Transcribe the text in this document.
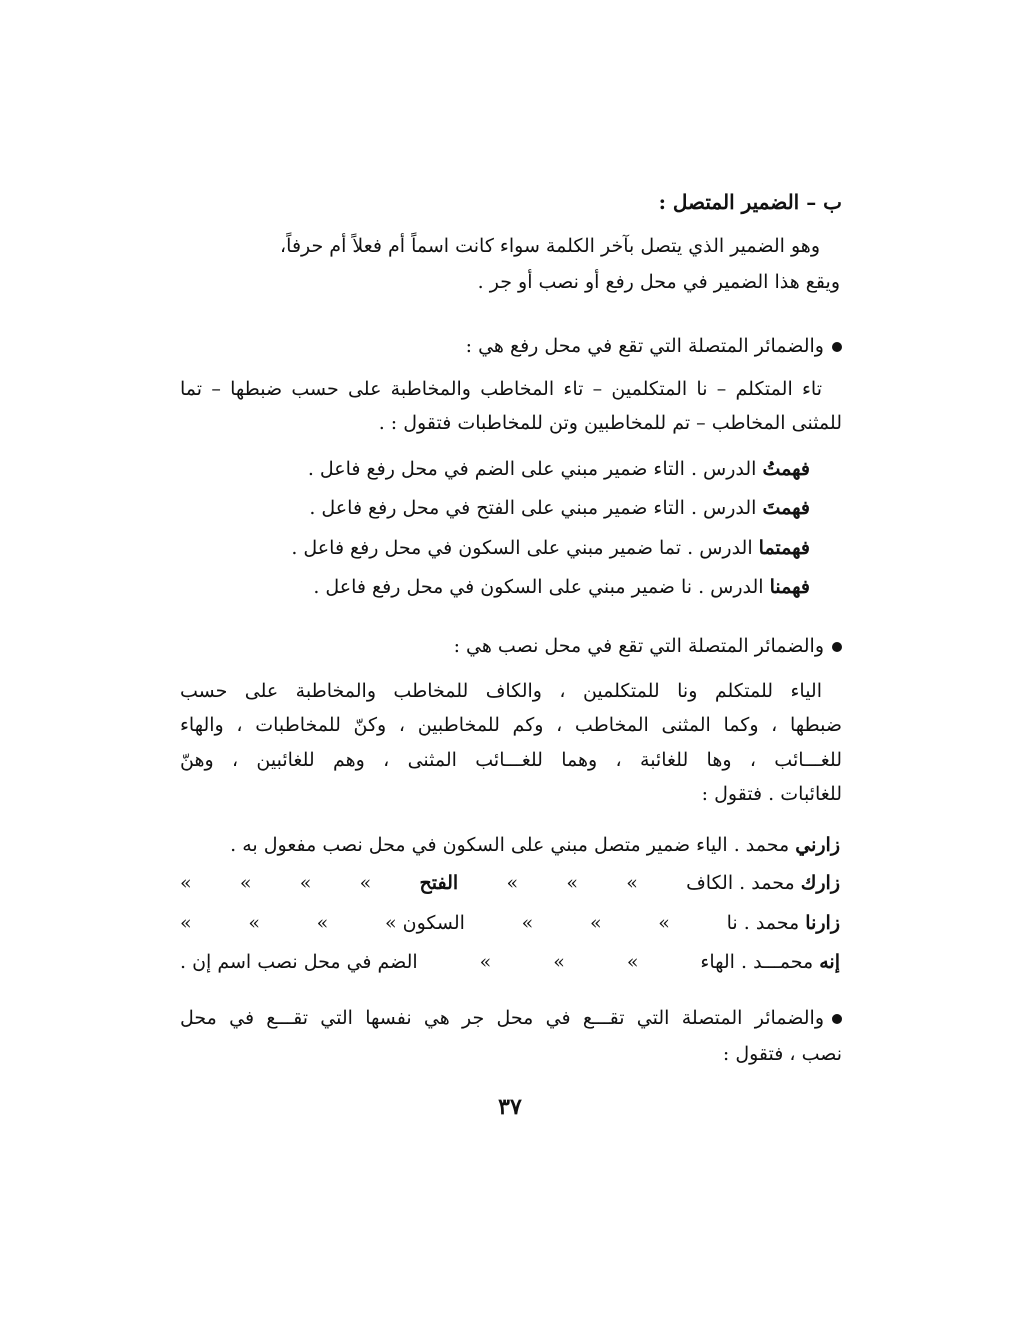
ب – الضمير المتصل :
وهو الضمير الذي يتصل بآخر الكلمة سواء كانت اسماً أم فعلاً أم حرفاً،
ويقع هذا الضمير في محل رفع أو نصب أو جر .
والضمائر المتصلة التي تقع في محل رفع هي :
تاء المتكلم – نا المتكلمين – تاء المخاطب والمخاطبة على حسب ضبطها – تما
للمثنى المخاطب – تم للمخاطبين وتن للمخاطبات فتقول : .
فهمتُ الدرس . التاء ضمير مبني على الضم في محل رفع فاعل .
فهمتَ الدرس . التاء ضمير مبني على الفتح في محل رفع فاعل .
فهمتما الدرس . تما ضمير مبني على السكون في محل رفع فاعل .
فهمنا الدرس . نا ضمير مبني على السكون في محل رفع فاعل .
والضمائر المتصلة التي تقع في محل نصب هي :
الياء للمتكلم ونا للمتكلمين ، والكاف للمخاطب والمخاطبة على حسب
ضبطها ، وكما المثنى المخاطب ، وكم للمخاطبين ، وكنّ للمخاطبات ، والهاء
للغـــائب ، وها للغائبة ، وهما للغـــائب المثنى ، وهم للغائبين ، وهنّ
للغائبات . فتقول :
زارني محمد . الياء ضمير متصل مبني على السكون في محل نصب مفعول به .
زارك محمد . الكاف
»
»
»
الفتح
»
»
»
»
زارنا محمد . نا
»
»
»
السكون »
»
»
»
إنه محمـــد . الهاء
»
»
»
الضم في محل نصب اسم إن .
والضمائر المتصلة التي تقـــع في محل جر هي نفسها التي تقـــع في محل
نصب ، فتقول :
٣٧
